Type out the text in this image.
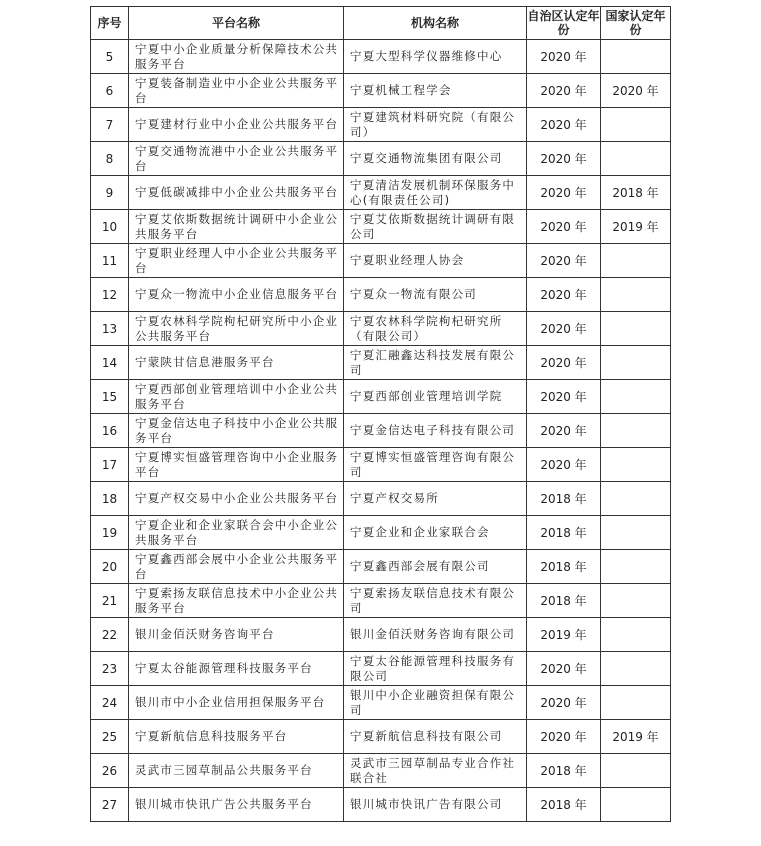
序号	平台名称	机构名称	自治区认定年份	国家认定年份
5	宁夏中小企业质量分析保障技术公共服务平台	宁夏大型科学仪器维修中心	2020 年	
6	宁夏装备制造业中小企业公共服务平台	宁夏机械工程学会	2020 年	2020 年
7	宁夏建材行业中小企业公共服务平台	宁夏建筑材料研究院（有限公司）	2020 年	
8	宁夏交通物流港中小企业公共服务平台	宁夏交通物流集团有限公司	2020 年	
9	宁夏低碳减排中小企业公共服务平台	宁夏清洁发展机制环保服务中心(有限责任公司)	2020 年	2018 年
10	宁夏艾依斯数据统计调研中小企业公共服务平台	宁夏艾依斯数据统计调研有限公司	2020 年	2019 年
11	宁夏职业经理人中小企业公共服务平台	宁夏职业经理人协会	2020 年	
12	宁夏众一物流中小企业信息服务平台	宁夏众一物流有限公司	2020 年	
13	宁夏农林科学院枸杞研究所中小企业公共服务平台	宁夏农林科学院枸杞研究所（有限公司）	2020 年	
14	宁蒙陕甘信息港服务平台	宁夏汇融鑫达科技发展有限公司	2020 年	
15	宁夏西部创业管理培训中小企业公共服务平台	宁夏西部创业管理培训学院	2020 年	
16	宁夏金信达电子科技中小企业公共服务平台	宁夏金信达电子科技有限公司	2020 年	
17	宁夏博实恒盛管理咨询中小企业服务平台	宁夏博实恒盛管理咨询有限公司	2020 年	
18	宁夏产权交易中小企业公共服务平台	宁夏产权交易所	2018 年	
19	宁夏企业和企业家联合会中小企业公共服务平台	宁夏企业和企业家联合会	2018 年	
20	宁夏鑫西部会展中小企业公共服务平台	宁夏鑫西部会展有限公司	2018 年	
21	宁夏索扬友联信息技术中小企业公共服务平台	宁夏索扬友联信息技术有限公司	2018 年	
22	银川金佰沃财务咨询平台	银川金佰沃财务咨询有限公司	2019 年	
23	宁夏太谷能源管理科技服务平台	宁夏太谷能源管理科技服务有限公司	2020 年	
24	银川市中小企业信用担保服务平台	银川中小企业融资担保有限公司	2020 年	
25	宁夏新航信息科技服务平台	宁夏新航信息科技有限公司	2020 年	2019 年
26	灵武市三园草制品公共服务平台	灵武市三园草制品专业合作社联合社	2018 年	
27	银川城市快讯广告公共服务平台	银川城市快讯广告有限公司	2018 年	
